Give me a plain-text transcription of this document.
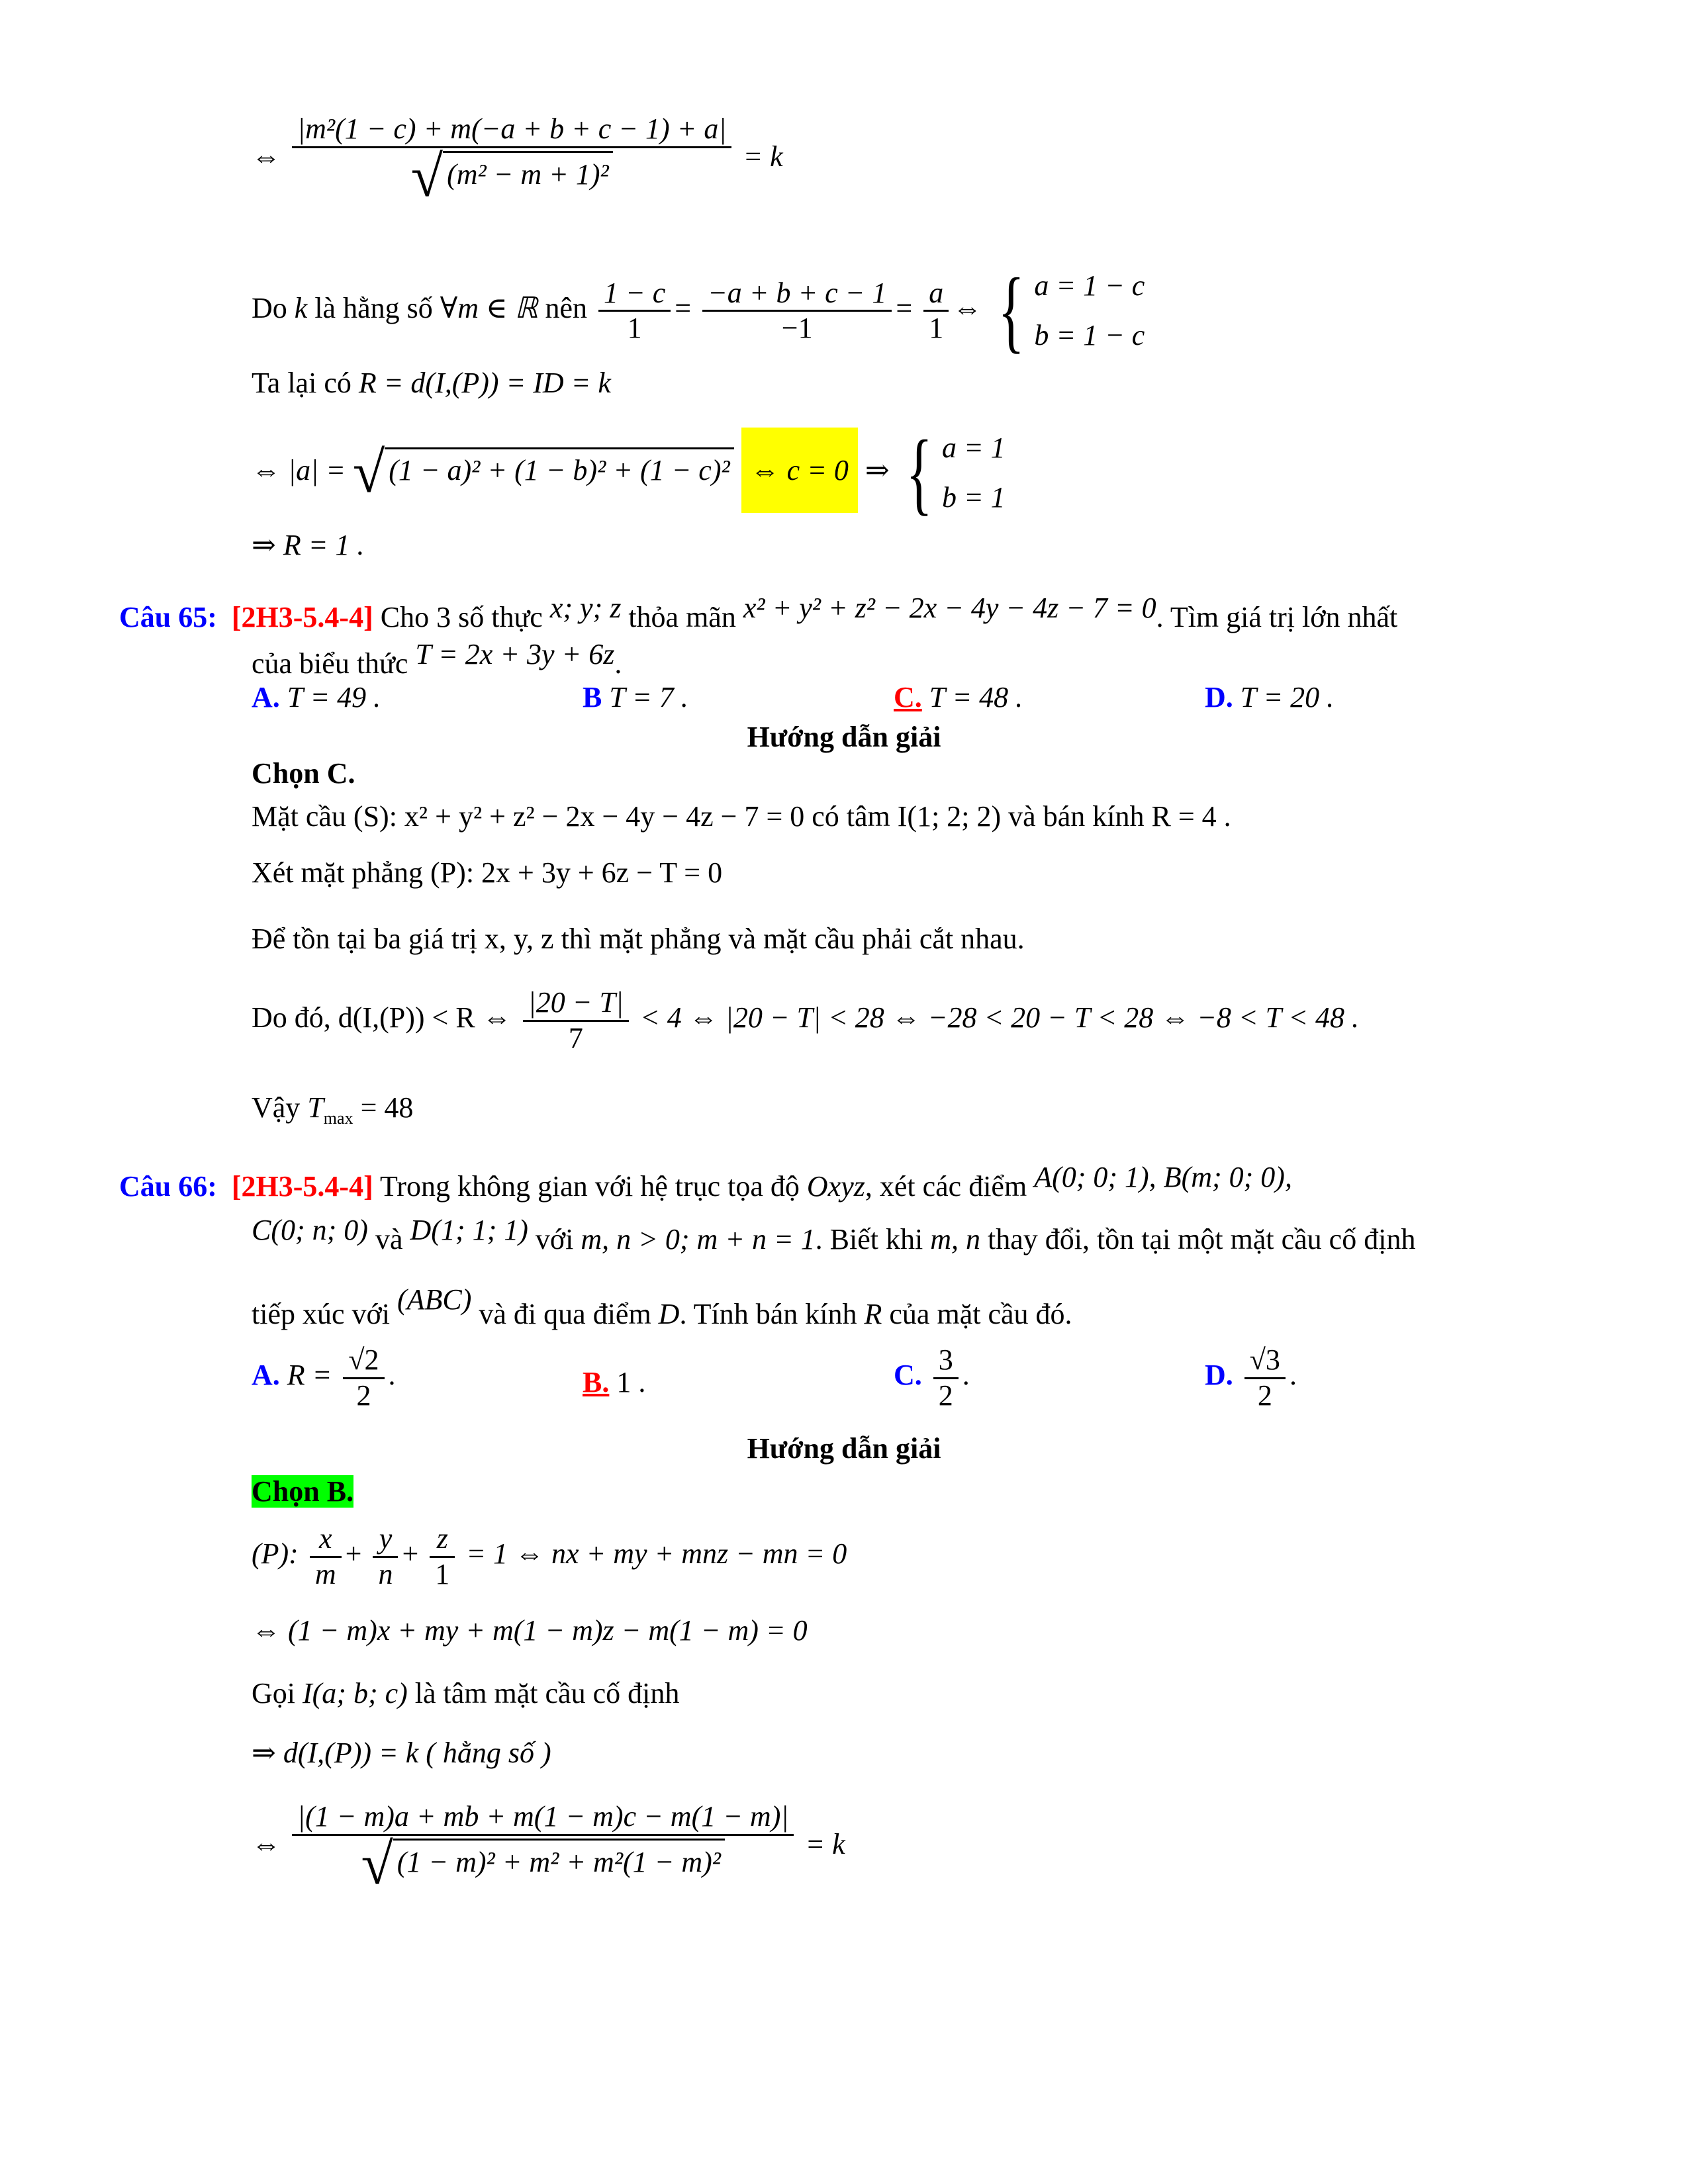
⇔ $\frac{\text{|m²(1 − c) + m(−a + b + c − 1) + a|}}{\text{√ (m² − m + 1)²}} = k$
Do k là hằng số ∀m ∈ ℝ nên $\frac{1 - c}{1} = \frac{-a + b + c - 1}{-1} = \frac{a}{1}$ ⇔ { a = 1 − c
b = 1 − c
Ta lại có R = d(I,(P)) = ID = k
⇔ |a| = √ (1 − a)² + (1 − b)² + (1 − c)² ⇔ c = 0 ⇒ { a = 1
b = 1
⇒ R = 1 .
Câu 65: [2H3-5.4-4] Cho 3 số thực x; y; z thỏa mãn x² + y² + z² − 2x − 4y − 4z − 7 = 0. Tìm giá trị lớn nhất
của biểu thức T = 2x + 3y + 6z.
A. T = 49 .	B T = 7 .	C. T = 48 .	D. T = 20 .
Hướng dẫn giải
Chọn C.
Mặt cầu (S): x² + y² + z² − 2x − 4y − 4z − 7 = 0 có tâm I(1; 2; 2) và bán kính R = 4 .
Xét mặt phẳng (P): 2x + 3y + 6z − T = 0
Để tồn tại ba giá trị x, y, z thì mặt phẳng và mặt cầu phải cắt nhau.
Do đó, d(I,(P)) < R ⇔ $\frac{|20 - T|}{7} < 4$ ⇔ |20 − T| < 28 ⇔ −28 < 20 − T < 28 ⇔ −8 < T < 48 .
Vậy $T_{max} = 48$
Câu 66: [2H3-5.4-4] Trong không gian với hệ trục tọa độ Oxyz, xét các điểm A(0; 0; 1), B(m; 0; 0),
C(0; n; 0) và D(1; 1; 1) với m, n > 0; m + n = 1. Biết khi m, n thay đổi, tồn tại một mặt cầu cố định
tiếp xúc với (ABC) và đi qua điểm D. Tính bán kính R của mặt cầu đó.
A. $R = \frac{√2}{2}$ .	B. 1 .	C. $\frac{3}{2}$ .	D. $\frac{√3}{2}$ .
Hướng dẫn giải
Chọn B.
(P): $\frac{x}{m} + \frac{y}{n} + \frac{z}{1} = 1$ ⇔ nx + my + mnz − mn = 0
⇔ (1 − m)x + my + m(1 − m)z − m(1 − m) = 0
Gọi I(a; b; c) là tâm mặt cầu cố định
⇒ d(I,(P)) = k ( hằng số )
⇔ $\frac{|(1 - m)a + mb + m(1 - m)c - m(1 - m)|}{\text{√ (1 − m)² + m² + m²(1 − m)²}} = k$
